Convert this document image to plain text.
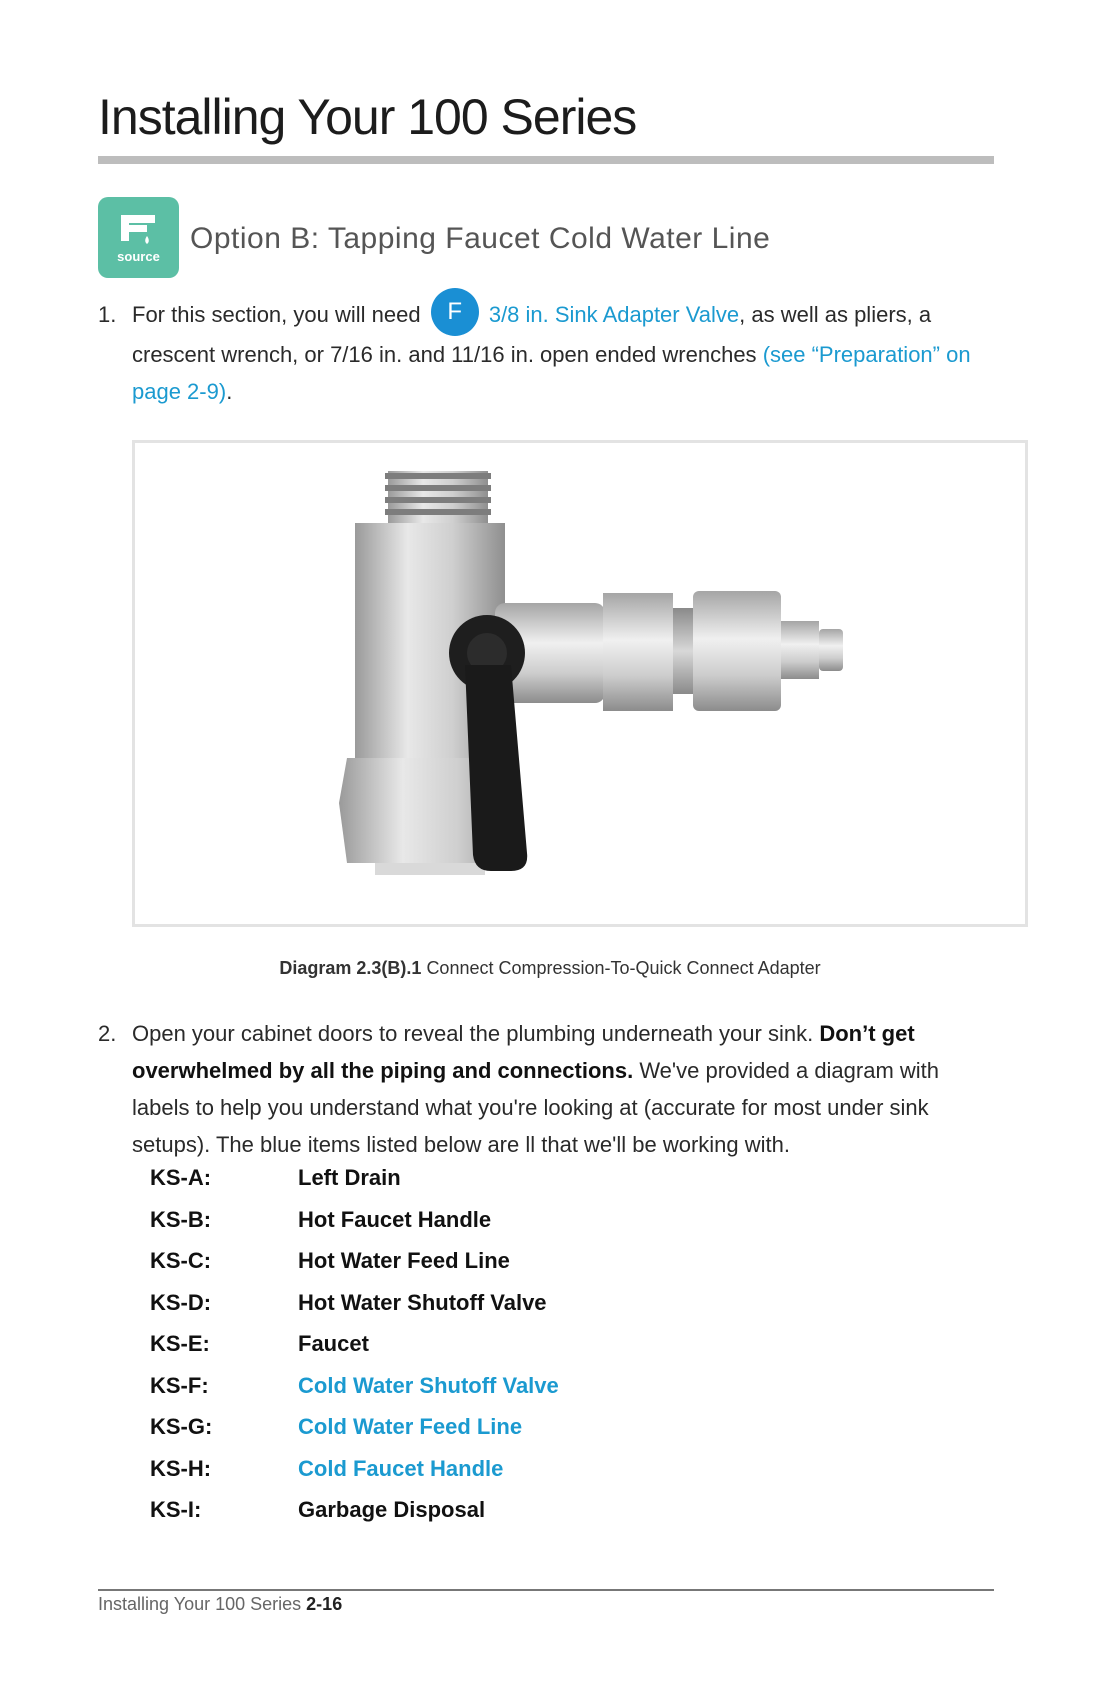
Installing Your 100 Series
source
Option B: Tapping Faucet Cold Water Line
1. For this section, you will need F 3/8 in. Sink Adapter Valve, as well as pliers, a crescent wrench, or 7/16 in. and 11/16 in. open ended wrenches (see “Preparation” on page 2-9).
Diagram 2.3(B).1 Connect Compression-To-Quick Connect Adapter
2. Open your cabinet doors to reveal the plumbing underneath your sink. Don’t get overwhelmed by all the piping and connections. We've provided a diagram with labels to help you understand what you're looking at (accurate for most under sink setups). The blue items listed below are ll that we'll be working with.
KS-A:	Left Drain
KS-B:	Hot Faucet Handle
KS-C:	Hot Water Feed Line
KS-D:	Hot Water Shutoff Valve
KS-E:	Faucet
KS-F:	Cold Water Shutoff Valve
KS-G:	Cold Water Feed Line
KS-H:	Cold Faucet Handle
KS-I:	Garbage Disposal
Installing Your 100 Series 2-16
